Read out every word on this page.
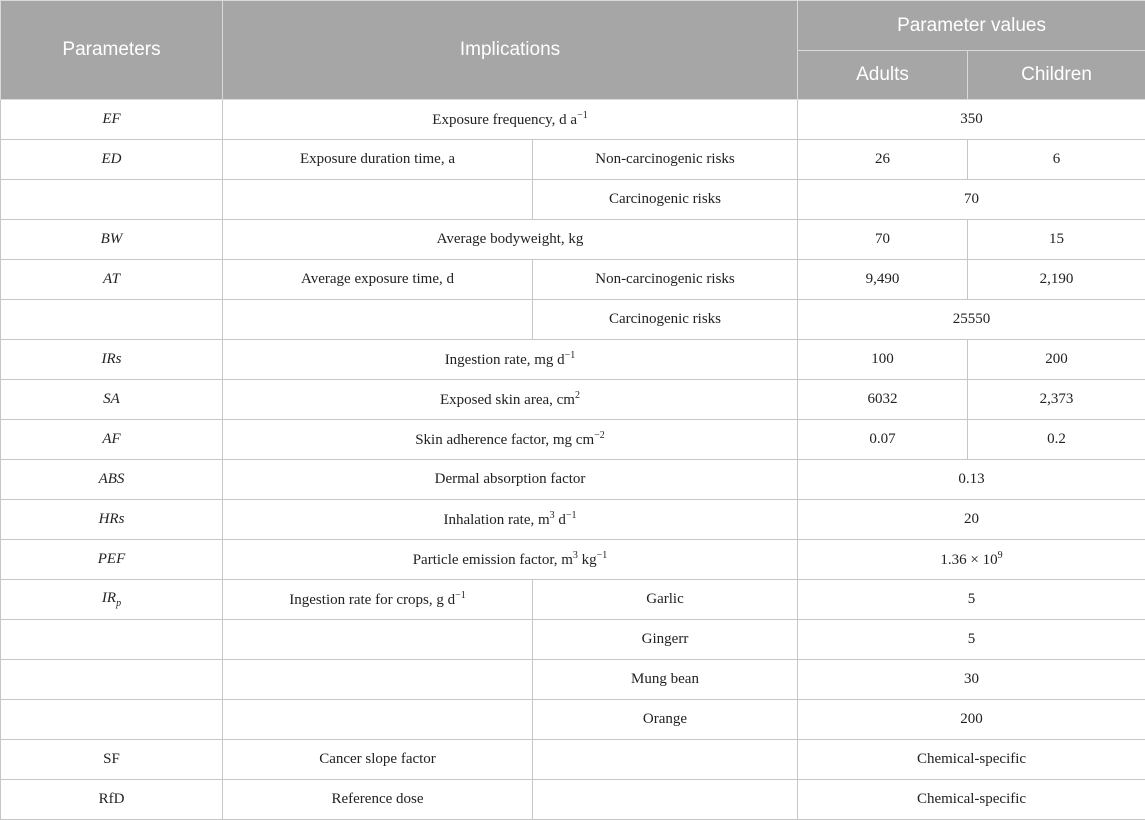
Parameters	Implications		Parameter values	
			Adults	Children
EF	Exposure frequency, d $a^{-1}$		350	
ED	Exposure duration time, a	Non-carcinogenic risks	26	6
		Carcinogenic risks	70	
BW	Average bodyweight, kg		70	15
AT	Average exposure time, d	Non-carcinogenic risks	9,490	2,190
		Carcinogenic risks	25550	
IRs	Ingestion rate, mg $d^{-1}$		100	200
SA	Exposed skin area, $cm^2$		6032	2,373
AF	Skin adherence factor, mg $cm^{-2}$		0.07	0.2
ABS	Dermal absorption factor		0.13	
HRs	Inhalation rate, $m^3$ $d^{-1}$		20	
PEF	Particle emission factor, $m^3$ $kg^{-1}$		$1.36 \times 10^9$
$IR_p$	Ingestion rate for crops, g $d^{-1}$	Garlic	5	
		Gingerr	5	
		Mung bean	30	
		Orange	200	
SF	Cancer slope factor		Chemical-specific	
RfD	Reference dose		Chemical-specific	
